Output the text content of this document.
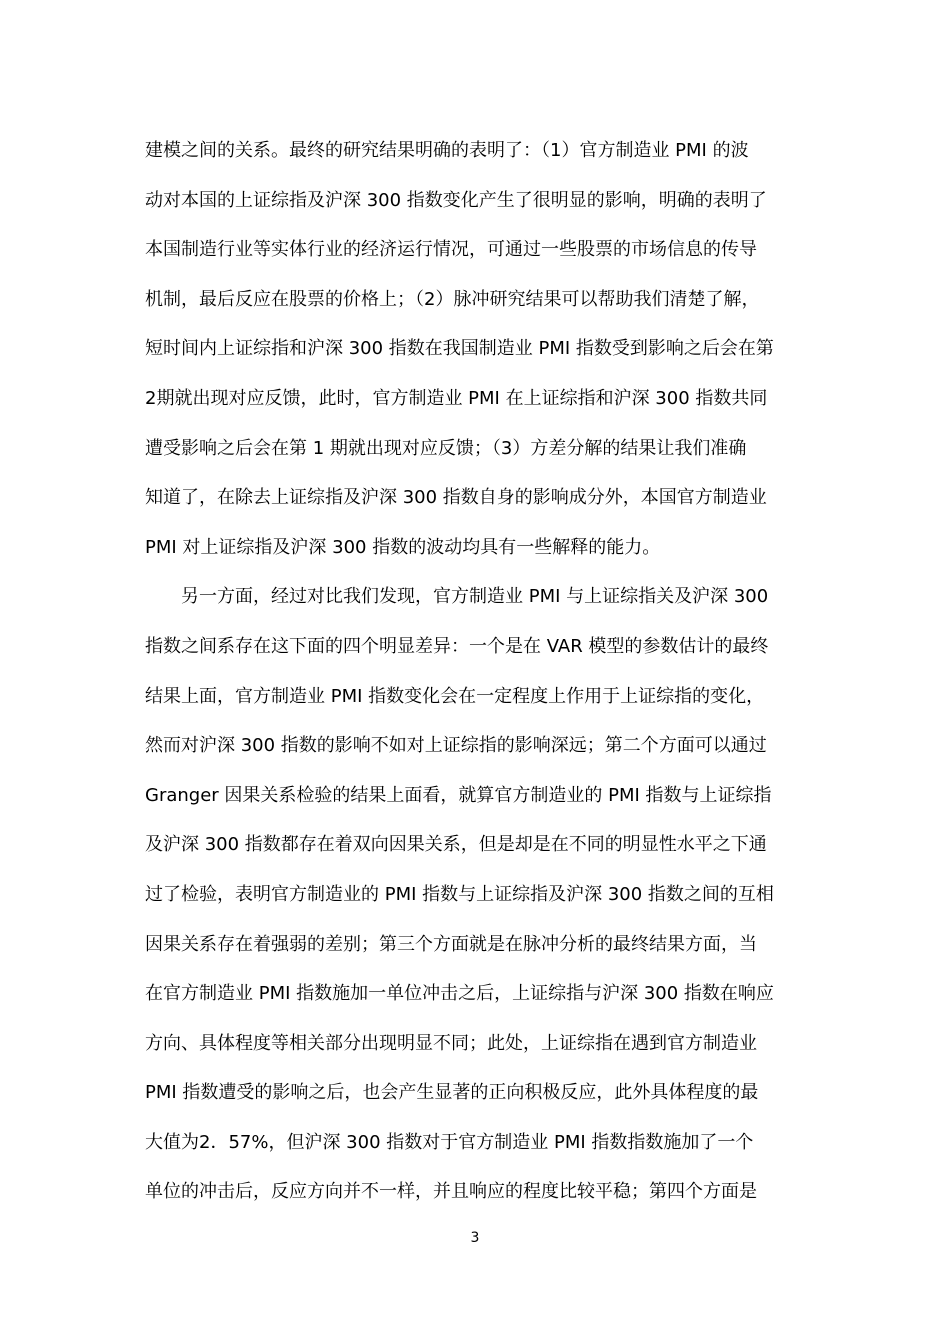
建模之间的关系。最终的研究结果明确的表明了：（1）官方制造业 PMI 的波
动对本国的上证综指及沪深 300 指数变化产生了很明显的影响，明确的表明了
本国制造行业等实体行业的经济运行情况，可通过一些股票的市场信息的传导
机制，最后反应在股票的价格上；（2）脉冲研究结果可以帮助我们清楚了解，
短时间内上证综指和沪深 300 指数在我国制造业 PMI 指数受到影响之后会在第
2期就出现对应反馈，此时，官方制造业 PMI 在上证综指和沪深 300 指数共同
遭受影响之后会在第 1 期就出现对应反馈；（3）方差分解的结果让我们准确
知道了，在除去上证综指及沪深 300 指数自身的影响成分外，本国官方制造业
PMI 对上证综指及沪深 300 指数的波动均具有一些解释的能力。
　　另一方面，经过对比我们发现，官方制造业 PMI 与上证综指关及沪深 300
指数之间系存在这下面的四个明显差异：一个是在 VAR 模型的参数估计的最终
结果上面，官方制造业 PMI 指数变化会在一定程度上作用于上证综指的变化，
然而对沪深 300 指数的影响不如对上证综指的影响深远；第二个方面可以通过
Granger 因果关系检验的结果上面看，就算官方制造业的 PMI 指数与上证综指
及沪深 300 指数都存在着双向因果关系，但是却是在不同的明显性水平之下通
过了检验，表明官方制造业的 PMI 指数与上证综指及沪深 300 指数之间的互相
因果关系存在着强弱的差别；第三个方面就是在脉冲分析的最终结果方面，当
在官方制造业 PMI 指数施加一单位冲击之后，上证综指与沪深 300 指数在响应
方向、具体程度等相关部分出现明显不同；此处，上证综指在遇到官方制造业
PMI 指数遭受的影响之后，也会产生显著的正向积极反应，此外具体程度的最
大值为2．57%，但沪深 300 指数对于官方制造业 PMI 指数指数施加了一个
单位的冲击后，反应方向并不一样，并且响应的程度比较平稳；第四个方面是
3
